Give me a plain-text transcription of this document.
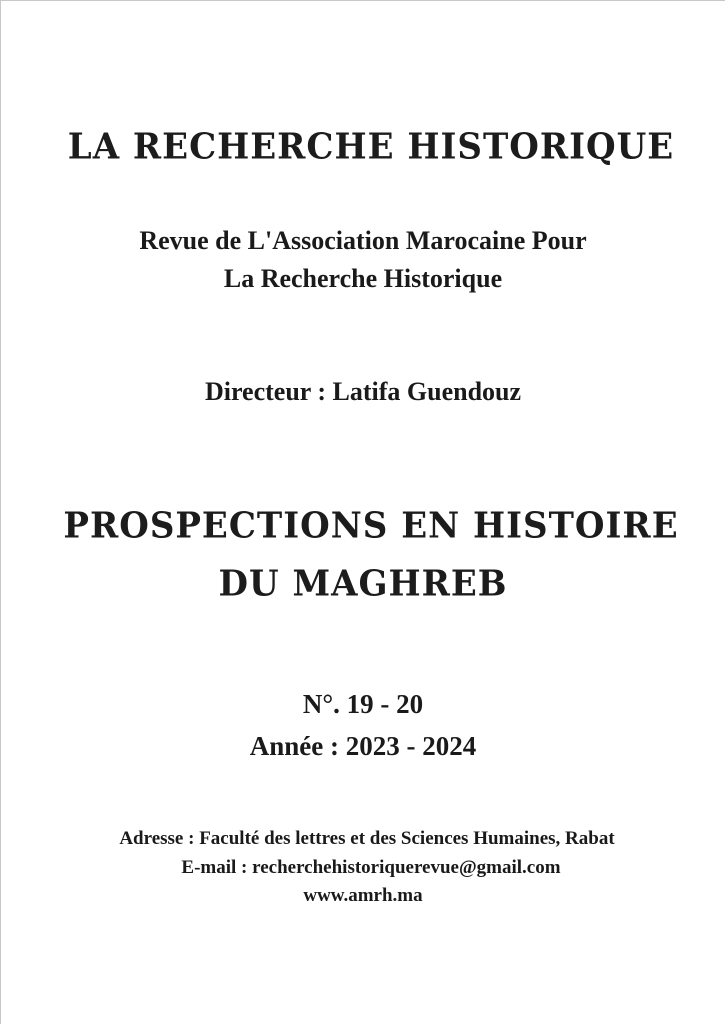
LA RECHERCHE HISTORIQUE
Revue de L'Association Marocaine Pour
La Recherche Historique
Directeur : Latifa Guendouz
PROSPECTIONS EN HISTOIRE
DU MAGHREB
N°. 19 - 20
Année : 2023 - 2024
Adresse : Faculté des lettres et des Sciences Humaines, Rabat
E-mail : recherchehistoriquerevue@gmail.com
www.amrh.ma
